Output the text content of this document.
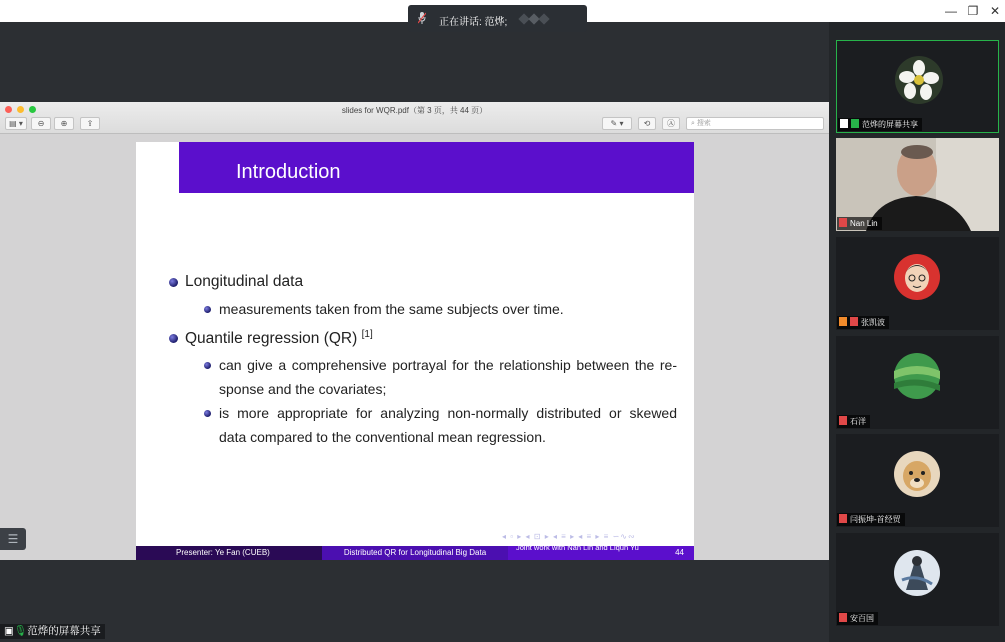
— ❐ ✕
正在讲话: 范烨;
slides for WQR.pdf（第 3 页，共 44 页）
▤ ▾	⊖	⊕	⇪	✎ ▾	⟲	Ⓐ	⌕ 搜索
Introduction
Longitudinal data
measurements taken from the same subjects over time.
Quantile regression (QR) [1]
can give a comprehensive portrayal for the relationship between the re-
sponse and the covariates;
is more appropriate for analyzing non-normally distributed or skewed
data compared to the conventional mean regression.
◂ ▫ ▸ ◂ ⊡ ▸ ◂ ≡ ▸ ◂ ≡ ▸ ≡ ∽∿∾
Presenter: Ye Fan (CUEB)	Distributed QR for Longitudinal Big Data
Joint work with Nan Lin and Liqun Yu
44
☰
▣🎙范烨的屏幕共享
范烨的屏幕共享
Nan Lin
张凯波
石洋
闫振坤-首经贸
安百国
